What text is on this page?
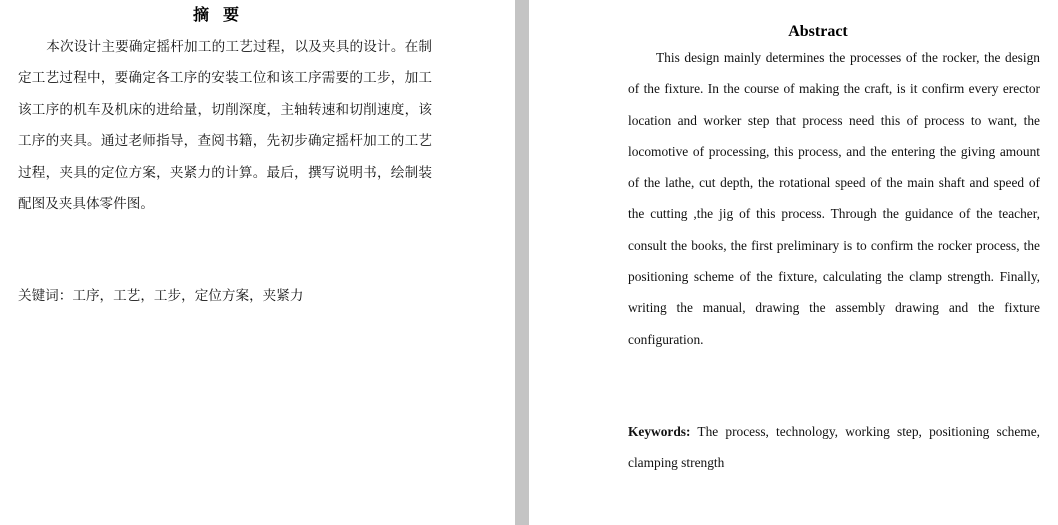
摘要

本次设计主要确定摇杆加工的工艺过程，以及夹具的设计。在制定工艺过程中，要确定各工序的安装工位和该工序需要的工步，加工该工序的机车及机床的进给量，切削深度，主轴转速和切削速度，该工序的夹具。通过老师指导，查阅书籍，先初步确定摇杆加工的工艺过程，夹具的定位方案，夹紧力的计算。最后，撰写说明书，绘制装配图及夹具体零件图。

关键词：工序，工艺，工步，定位方案，夹紧力
Abstract

This design mainly determines the processes of the rocker, the design of the fixture. In the course of making the craft, is it confirm every erector location and worker step that process need this of process to want, the locomotive of processing, this process, and the entering the giving amount of the lathe, cut depth, the rotational speed of the main shaft and speed of the cutting ,the jig of this process. Through the guidance of the teacher, consult the books, the first preliminary is to confirm the rocker process, the positioning scheme of the fixture, calculating the clamp strength. Finally, writing the manual, drawing the assembly drawing and the fixture configuration.

Keywords: The process, technology, working step, positioning scheme, clamping strength
